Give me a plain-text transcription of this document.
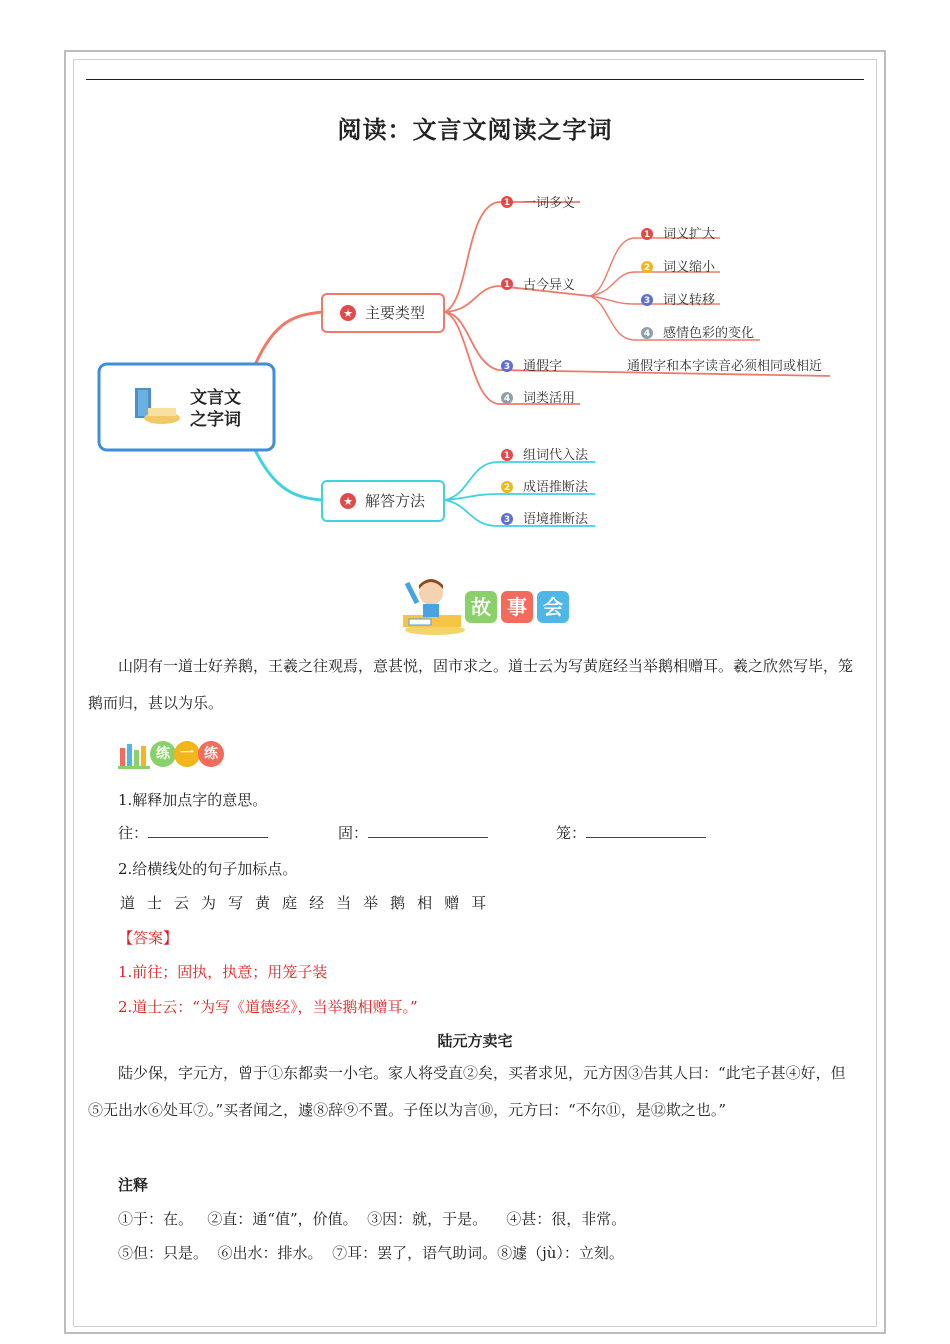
阅读：文言文阅读之字词
文言文
之字词
★ 主要类型
★ 解答方法
1 一词多义
1 古今异义
3 通假字	通假字和本字读音必须相同或相近
4 词类活用
1 词义扩大
2 词义缩小
3 词义转移
4 感情色彩的变化
1 组词代入法
2 成语推断法
3 语境推断法
故 事 会
山阴有一道士好养鹅，王羲之往观焉，意甚悦，固市求之。道士云为写黄庭经当举鹅相赠耳。羲之欣然写毕，笼鹅而归，甚以为乐。
练 一 练
1.解释加点字的意思。
往：	固：	笼：
2.给横线处的句子加标点。
道 士 云 为 写 黄 庭 经 当 举 鹅 相 赠 耳
【答案】
1.前往；固执，执意；用笼子装
2.道士云：“为写《道德经》，当举鹅相赠耳。”
陆元方卖宅
陆少保，字元方，曾于①东都卖一小宅。家人将受直②矣，买者求见，元方因③告其人曰：“此宅子甚④好，但⑤无出水⑥处耳⑦。”买者闻之，遽⑧辞⑨不置。子侄以为言⑩，元方曰：“不尔⑪，是⑫欺之也。”
注释
①于：在。   ②直：通“值”，价值。  ③因：就，于是。    ④甚：很，非常。
⑤但：只是。  ⑥出水：排水。  ⑦耳：罢了，语气助词。⑧遽（jù）：立刻。
